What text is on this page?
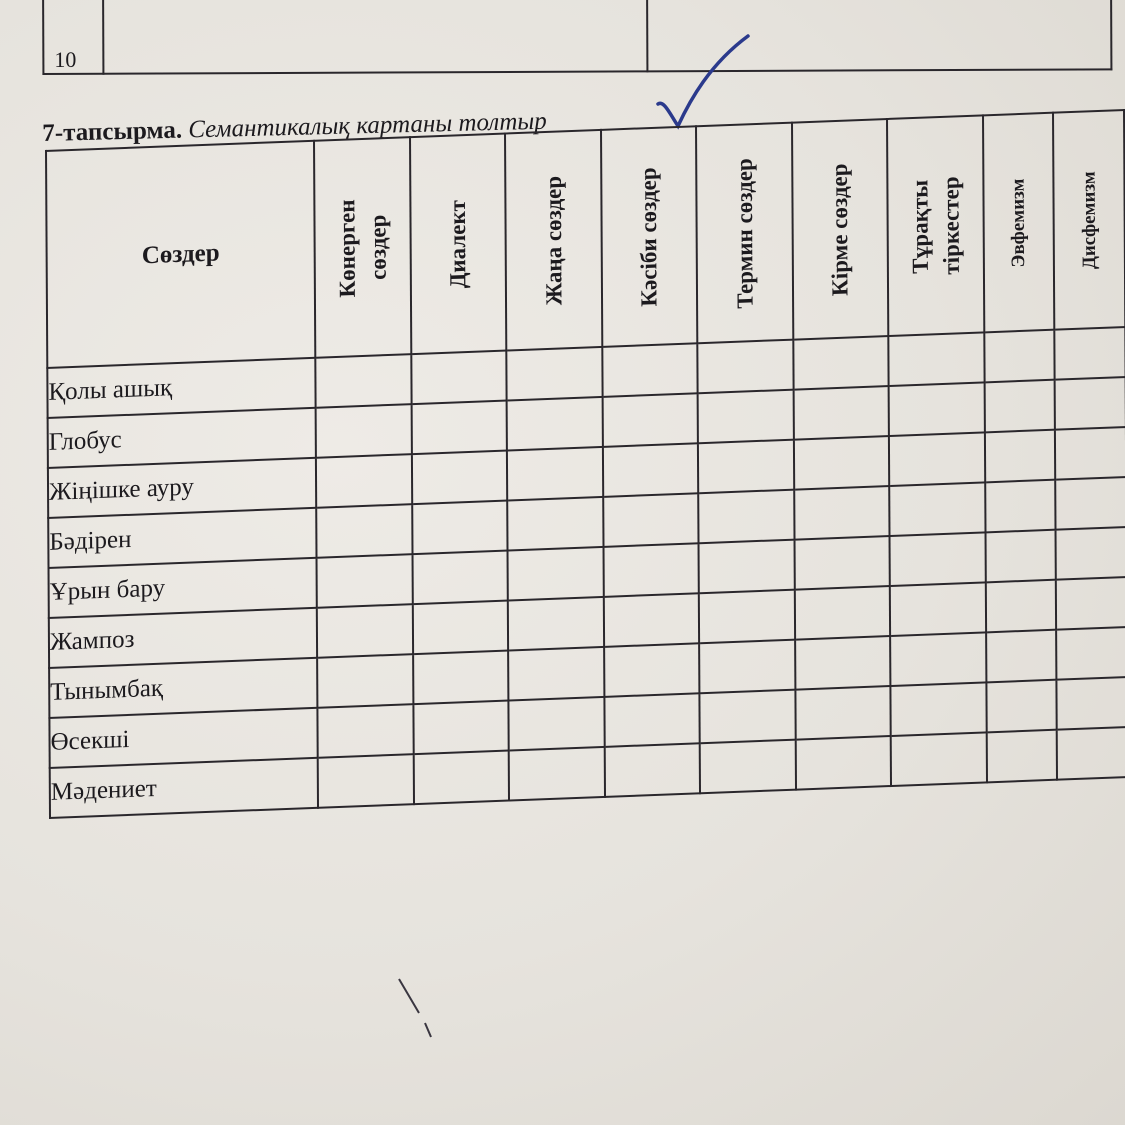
10		
7-тапсырма. Семантикалық картаны толтыр
Сөздер	Көнерген сөздер	Диалект	Жаңа сөздер	Кәсіби сөздер	Термин сөздер	Кірме сөздер	Тұрақты тіркестер	Эвфемизм	Дисфемизм

Қолы ашық									
Глобус									
Жіңішке ауру									
Бәдірен									
Ұрын бару									
Жампоз									
Тынымбақ									
Өсекші									
Мәдениет									
